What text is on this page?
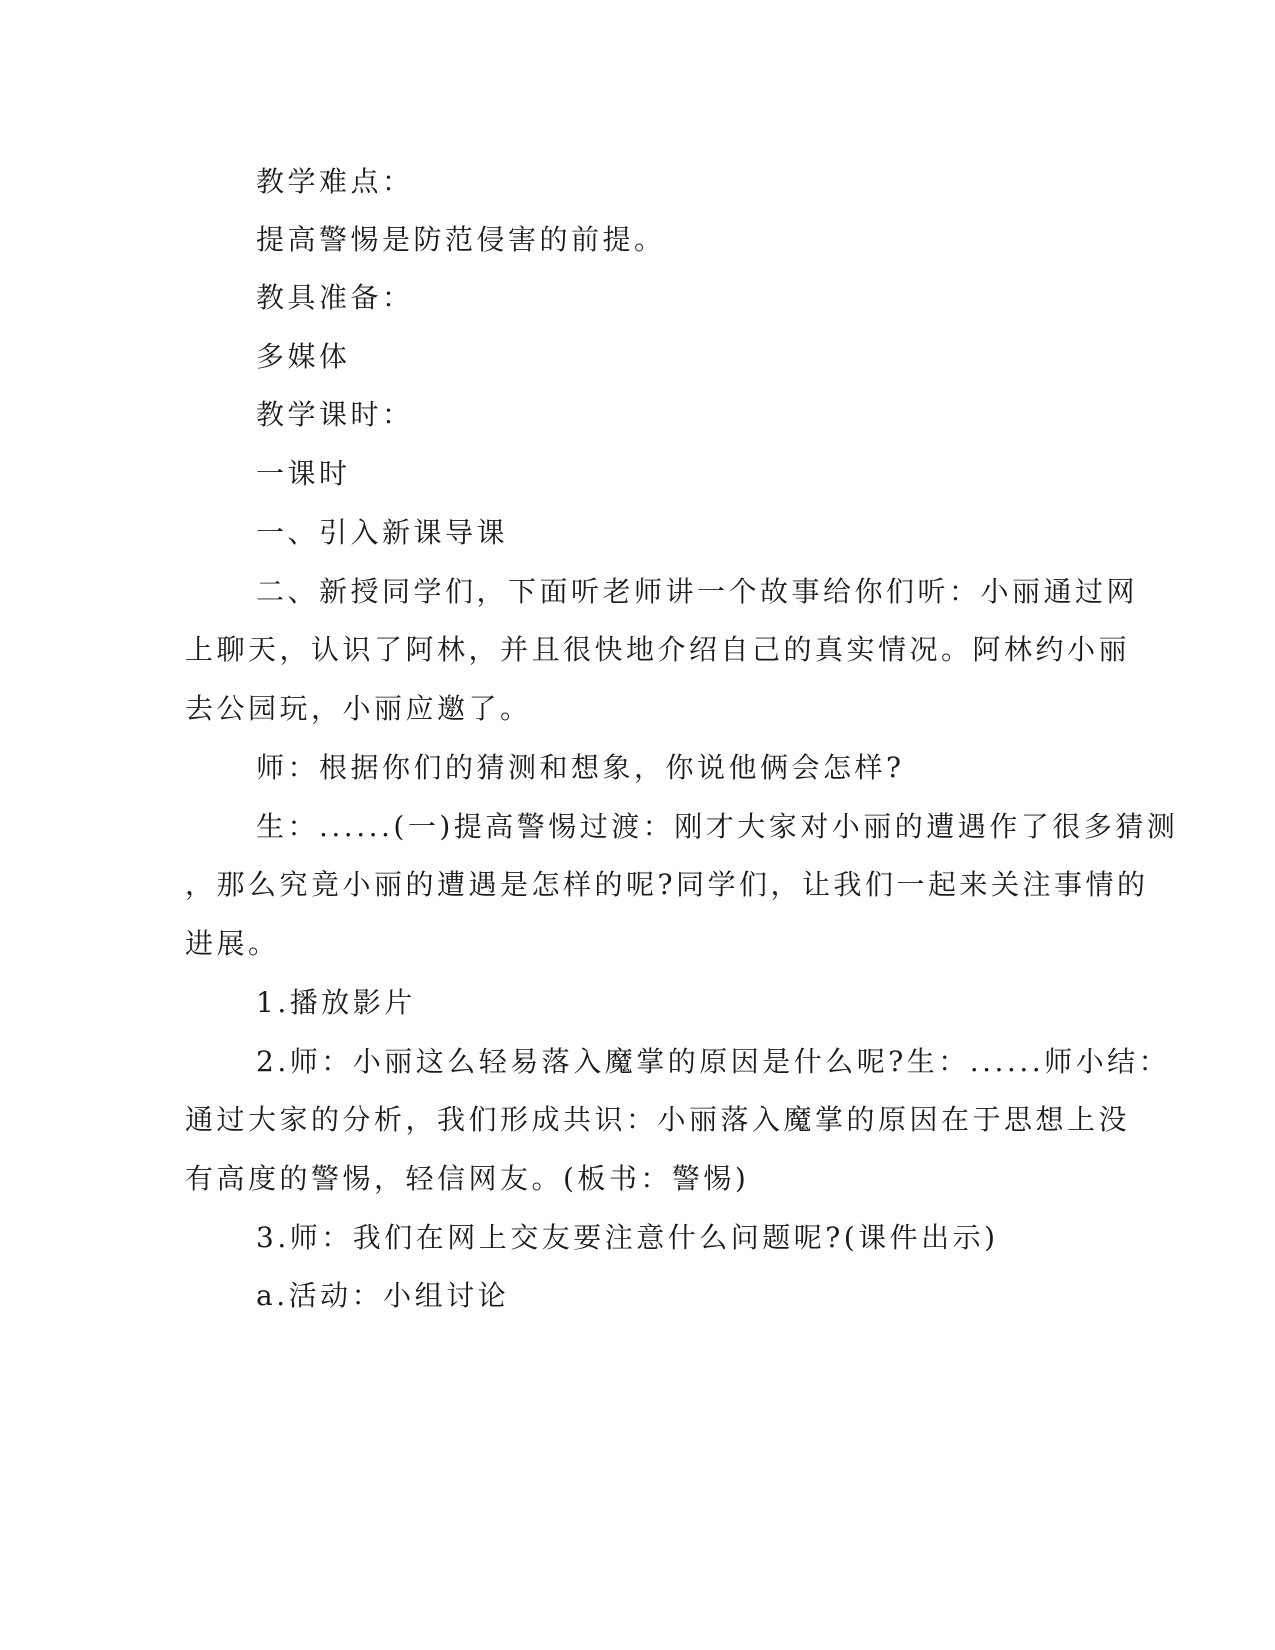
教学难点：
提高警惕是防范侵害的前提。
教具准备：
多媒体
教学课时：
一课时
一、引入新课导课
二、新授同学们，下面听老师讲一个故事给你们听：小丽通过网
上聊天，认识了阿林，并且很快地介绍自己的真实情况。阿林约小丽
去公园玩，小丽应邀了。
师：根据你们的猜测和想象，你说他俩会怎样?
生：......(一)提高警惕过渡：刚才大家对小丽的遭遇作了很多猜测
，那么究竟小丽的遭遇是怎样的呢?同学们，让我们一起来关注事情的
进展。
1.播放影片
2.师：小丽这么轻易落入魔掌的原因是什么呢?生：......师小结：
通过大家的分析，我们形成共识：小丽落入魔掌的原因在于思想上没
有高度的警惕，轻信网友。(板书：警惕)
3.师：我们在网上交友要注意什么问题呢?(课件出示)
a.活动：小组讨论
